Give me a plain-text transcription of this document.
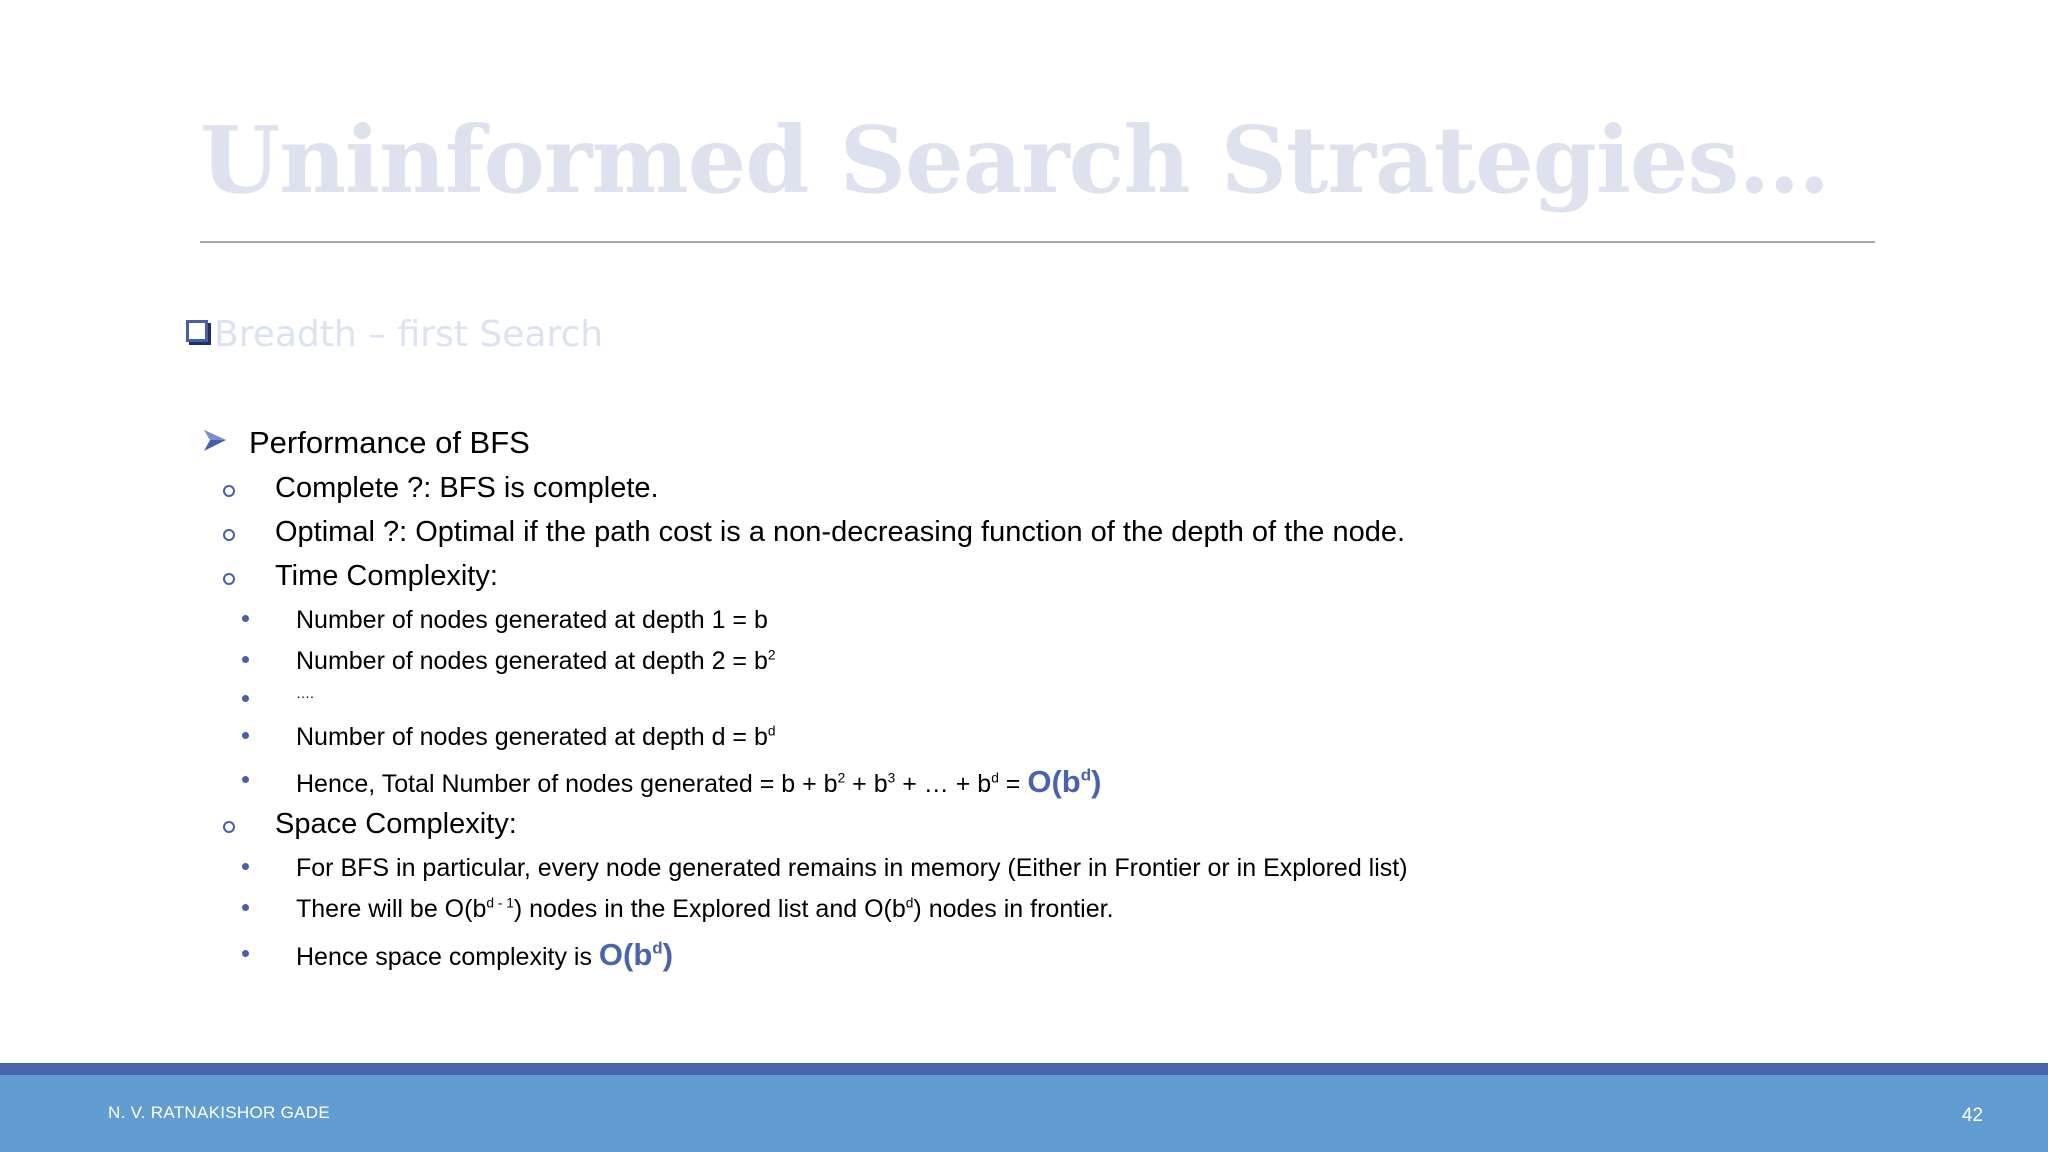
Uninformed Search Strategies…
Breadth – first Search
Performance of BFS
Complete ?: BFS is complete.
Optimal ?: Optimal if the path cost is a non-decreasing function of the depth of the node.
Time Complexity:
Number of nodes generated at depth 1 = b
Number of nodes generated at depth $2 = b^2$
….
Number of nodes generated at depth $d = b^d$
Hence, Total Number of nodes generated = $b + b^2 + b^3$ + … + $b^d = O(b^d)$
Space Complexity:
For BFS in particular, every node generated remains in memory (Either in Frontier or in Explored list)
There will be $O(b^{d - 1})$ nodes in the Explored list and $O(b^d)$ nodes in frontier.
Hence space complexity is $O(b^d)$
N. V. RATNAKISHOR GADE	42
